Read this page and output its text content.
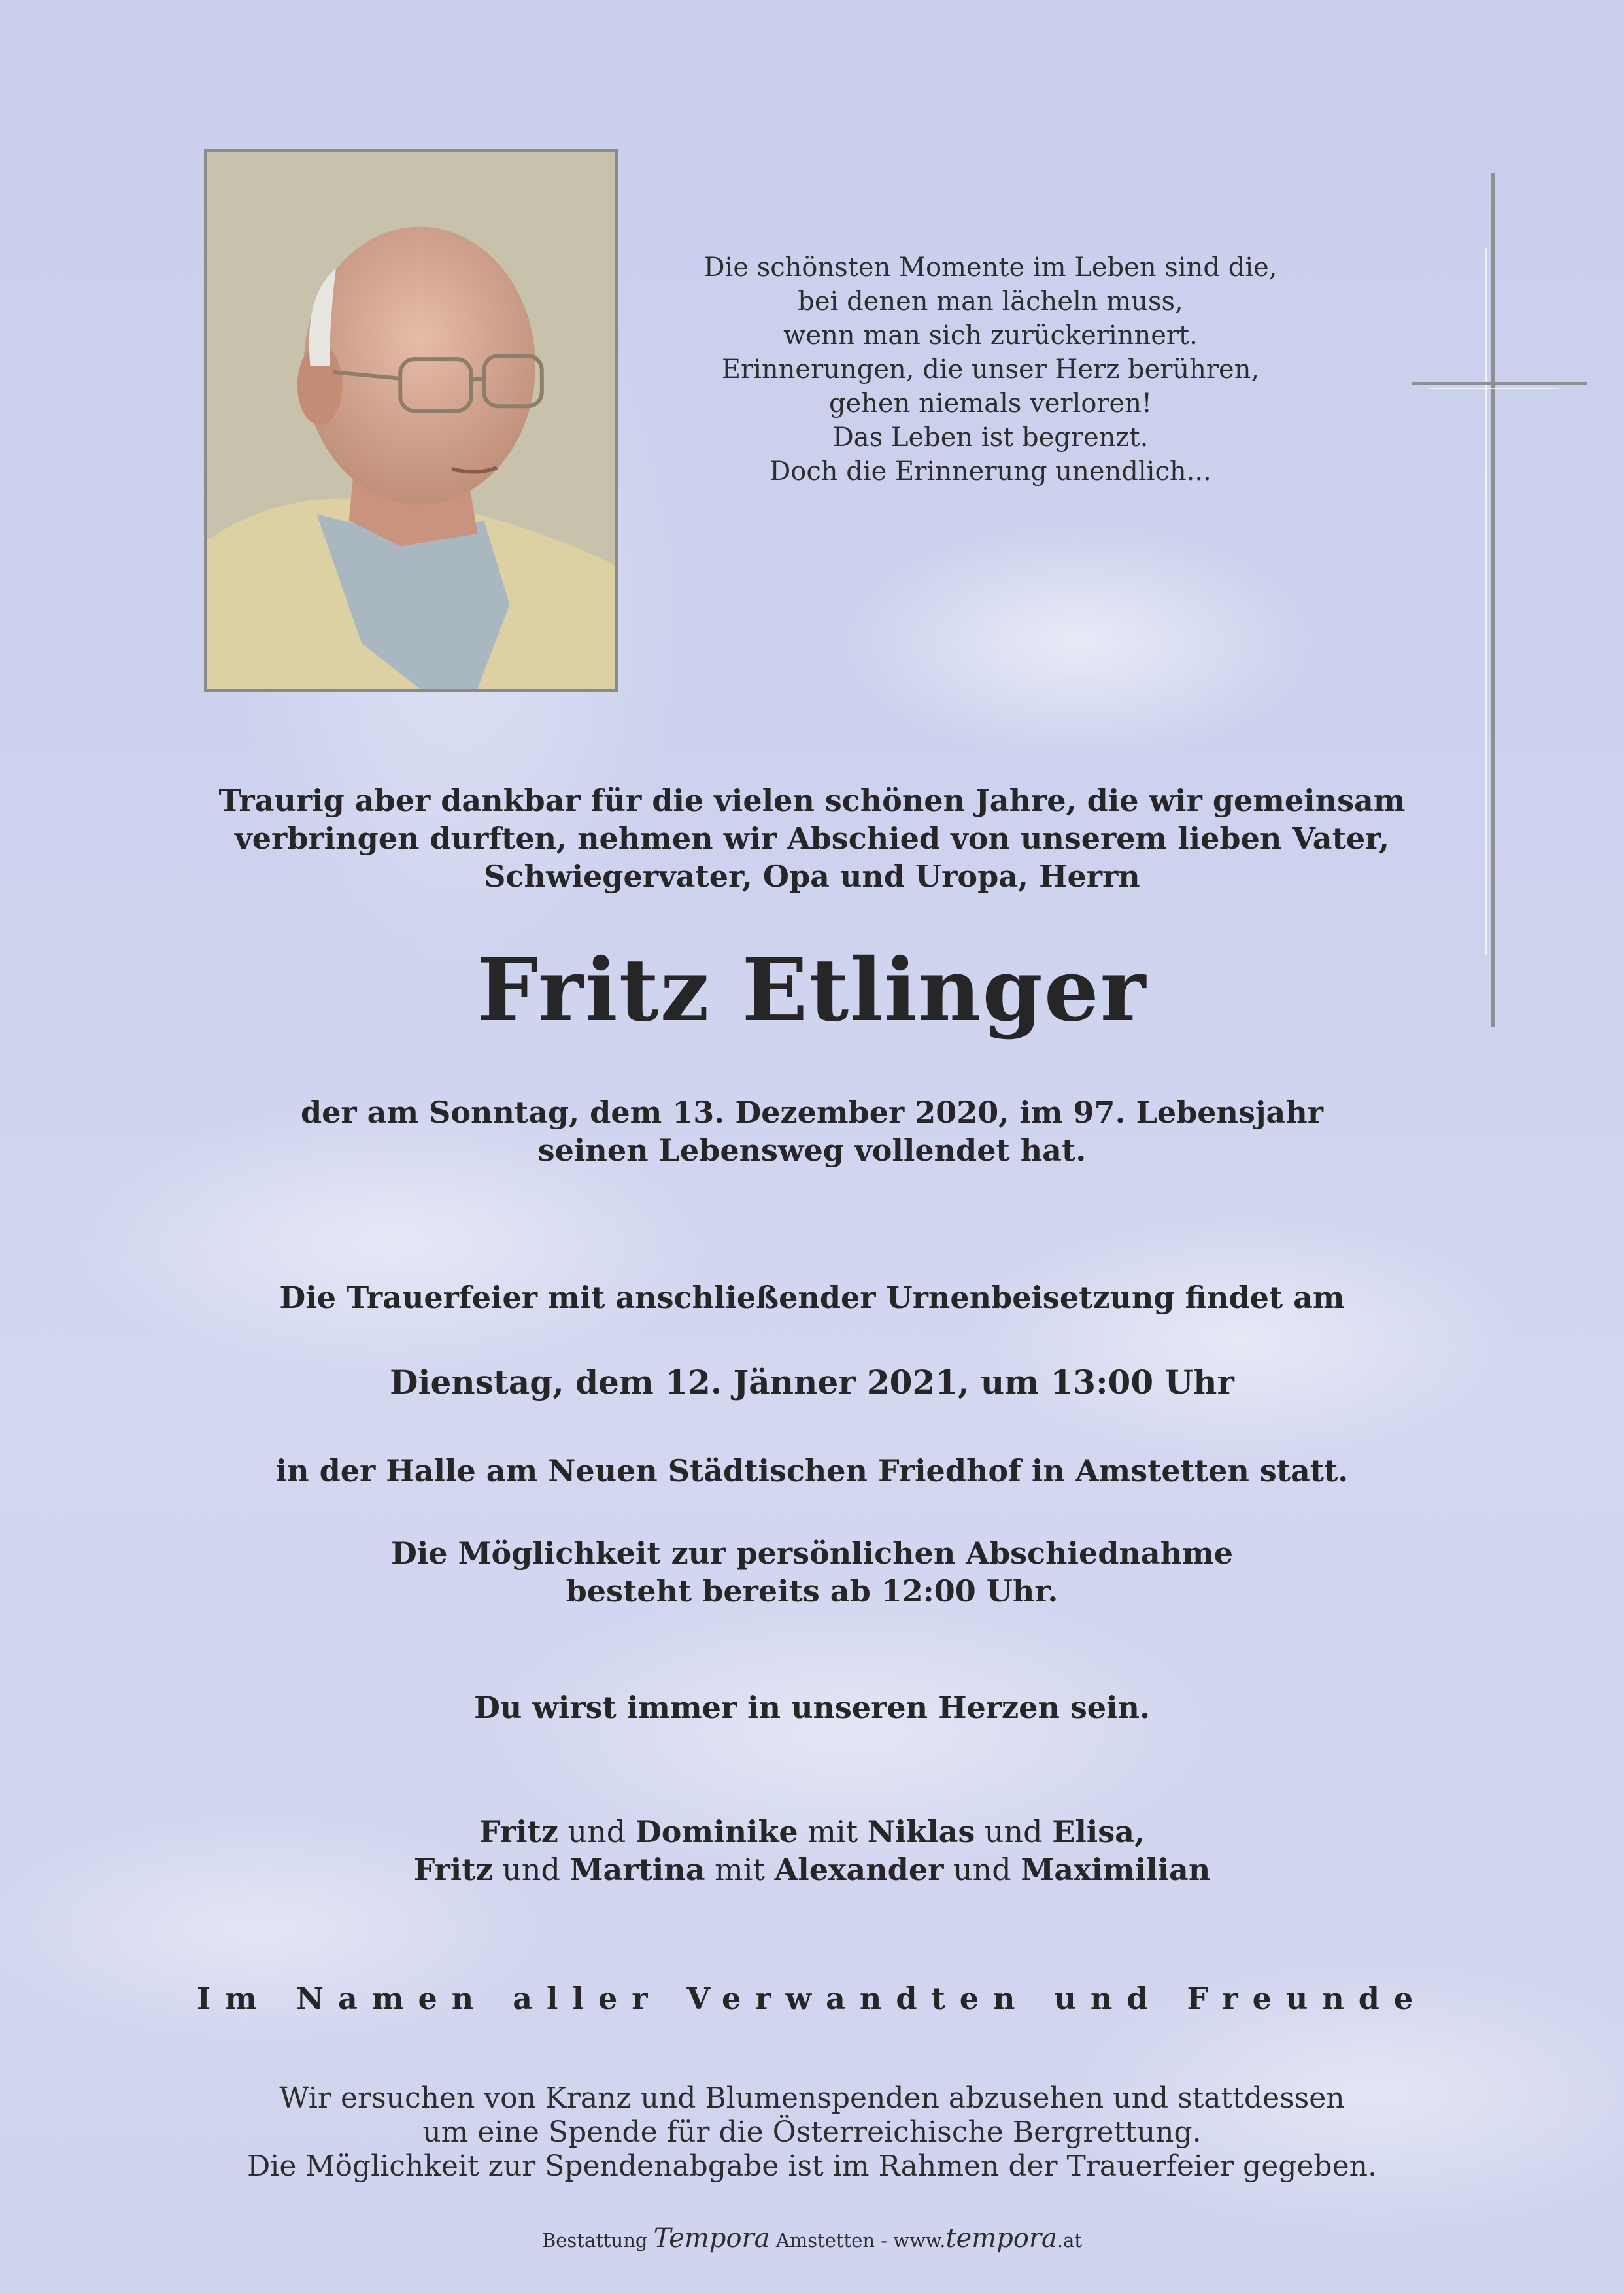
Die schönsten Momente im Leben sind die,
bei denen man lächeln muss,
wenn man sich zurückerinnert.
Erinnerungen, die unser Herz berühren,
gehen niemals verloren!
Das Leben ist begrenzt.
Doch die Erinnerung unendlich...
Traurig aber dankbar für die vielen schönen Jahre, die wir gemeinsam
verbringen durften, nehmen wir Abschied von unserem lieben Vater,
Schwiegervater, Opa und Uropa, Herrn
Fritz Etlinger
der am Sonntag, dem 13. Dezember 2020, im 97. Lebensjahr
seinen Lebensweg vollendet hat.
Die Trauerfeier mit anschließender Urnenbeisetzung findet am
Dienstag, dem 12. Jänner 2021, um 13:00 Uhr
in der Halle am Neuen Städtischen Friedhof in Amstetten statt.
Die Möglichkeit zur persönlichen Abschiednahme
besteht bereits ab 12:00 Uhr.
Du wirst immer in unseren Herzen sein.
Fritz und Dominike mit Niklas und Elisa,
Fritz und Martina mit Alexander und Maximilian
Im Namen aller Verwandten und Freunde
Wir ersuchen von Kranz und Blumenspenden abzusehen und stattdessen
um eine Spende für die Österreichische Bergrettung.
Die Möglichkeit zur Spendenabgabe ist im Rahmen der Trauerfeier gegeben.
Bestattung Tempora Amstetten - www.tempora.at
